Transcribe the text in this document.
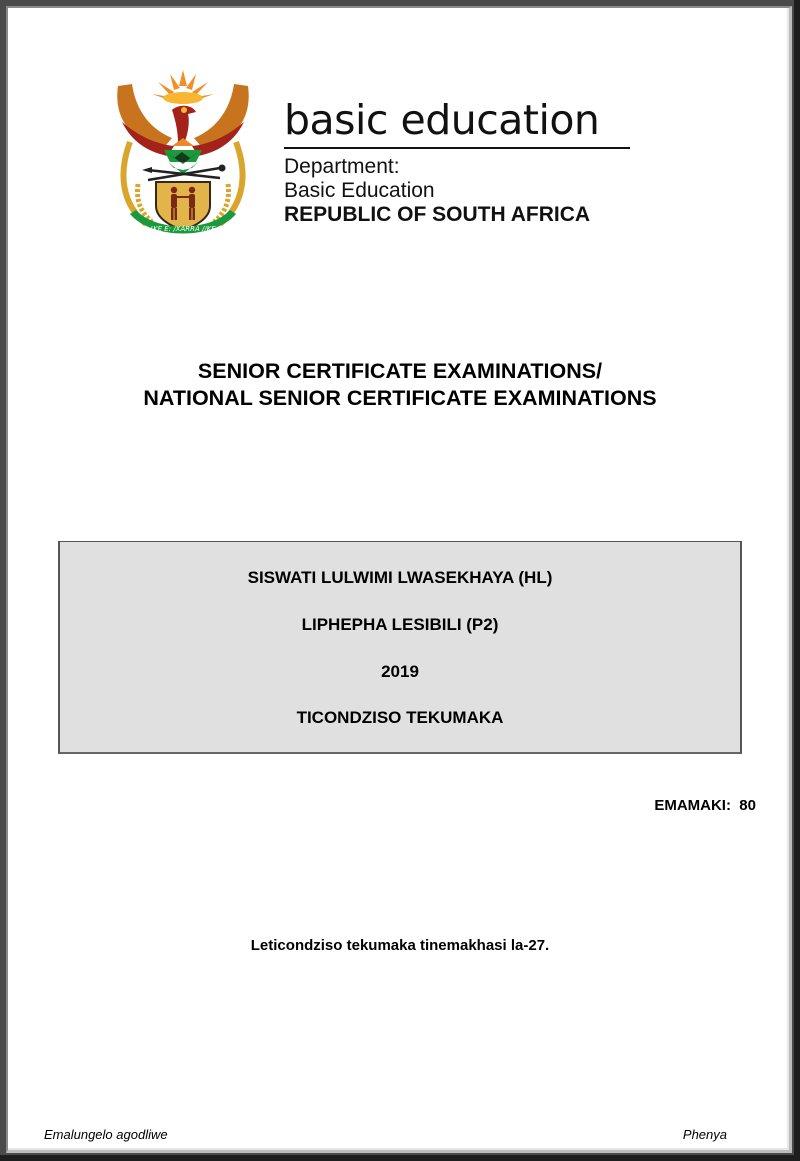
!KE E: /XARRA //KE
basic education
Department:
Basic Education
REPUBLIC OF SOUTH AFRICA
SENIOR CERTIFICATE EXAMINATIONS/
NATIONAL SENIOR CERTIFICATE EXAMINATIONS
SISWATI LULWIMI LWASEKHAYA (HL)
LIPHEPHA LESIBILI (P2)
2019
TICONDZISO TEKUMAKA
EMAMAKI:  80
Leticondziso tekumaka tinemakhasi la-27.
Emalungelo agodliwe	Phenya
